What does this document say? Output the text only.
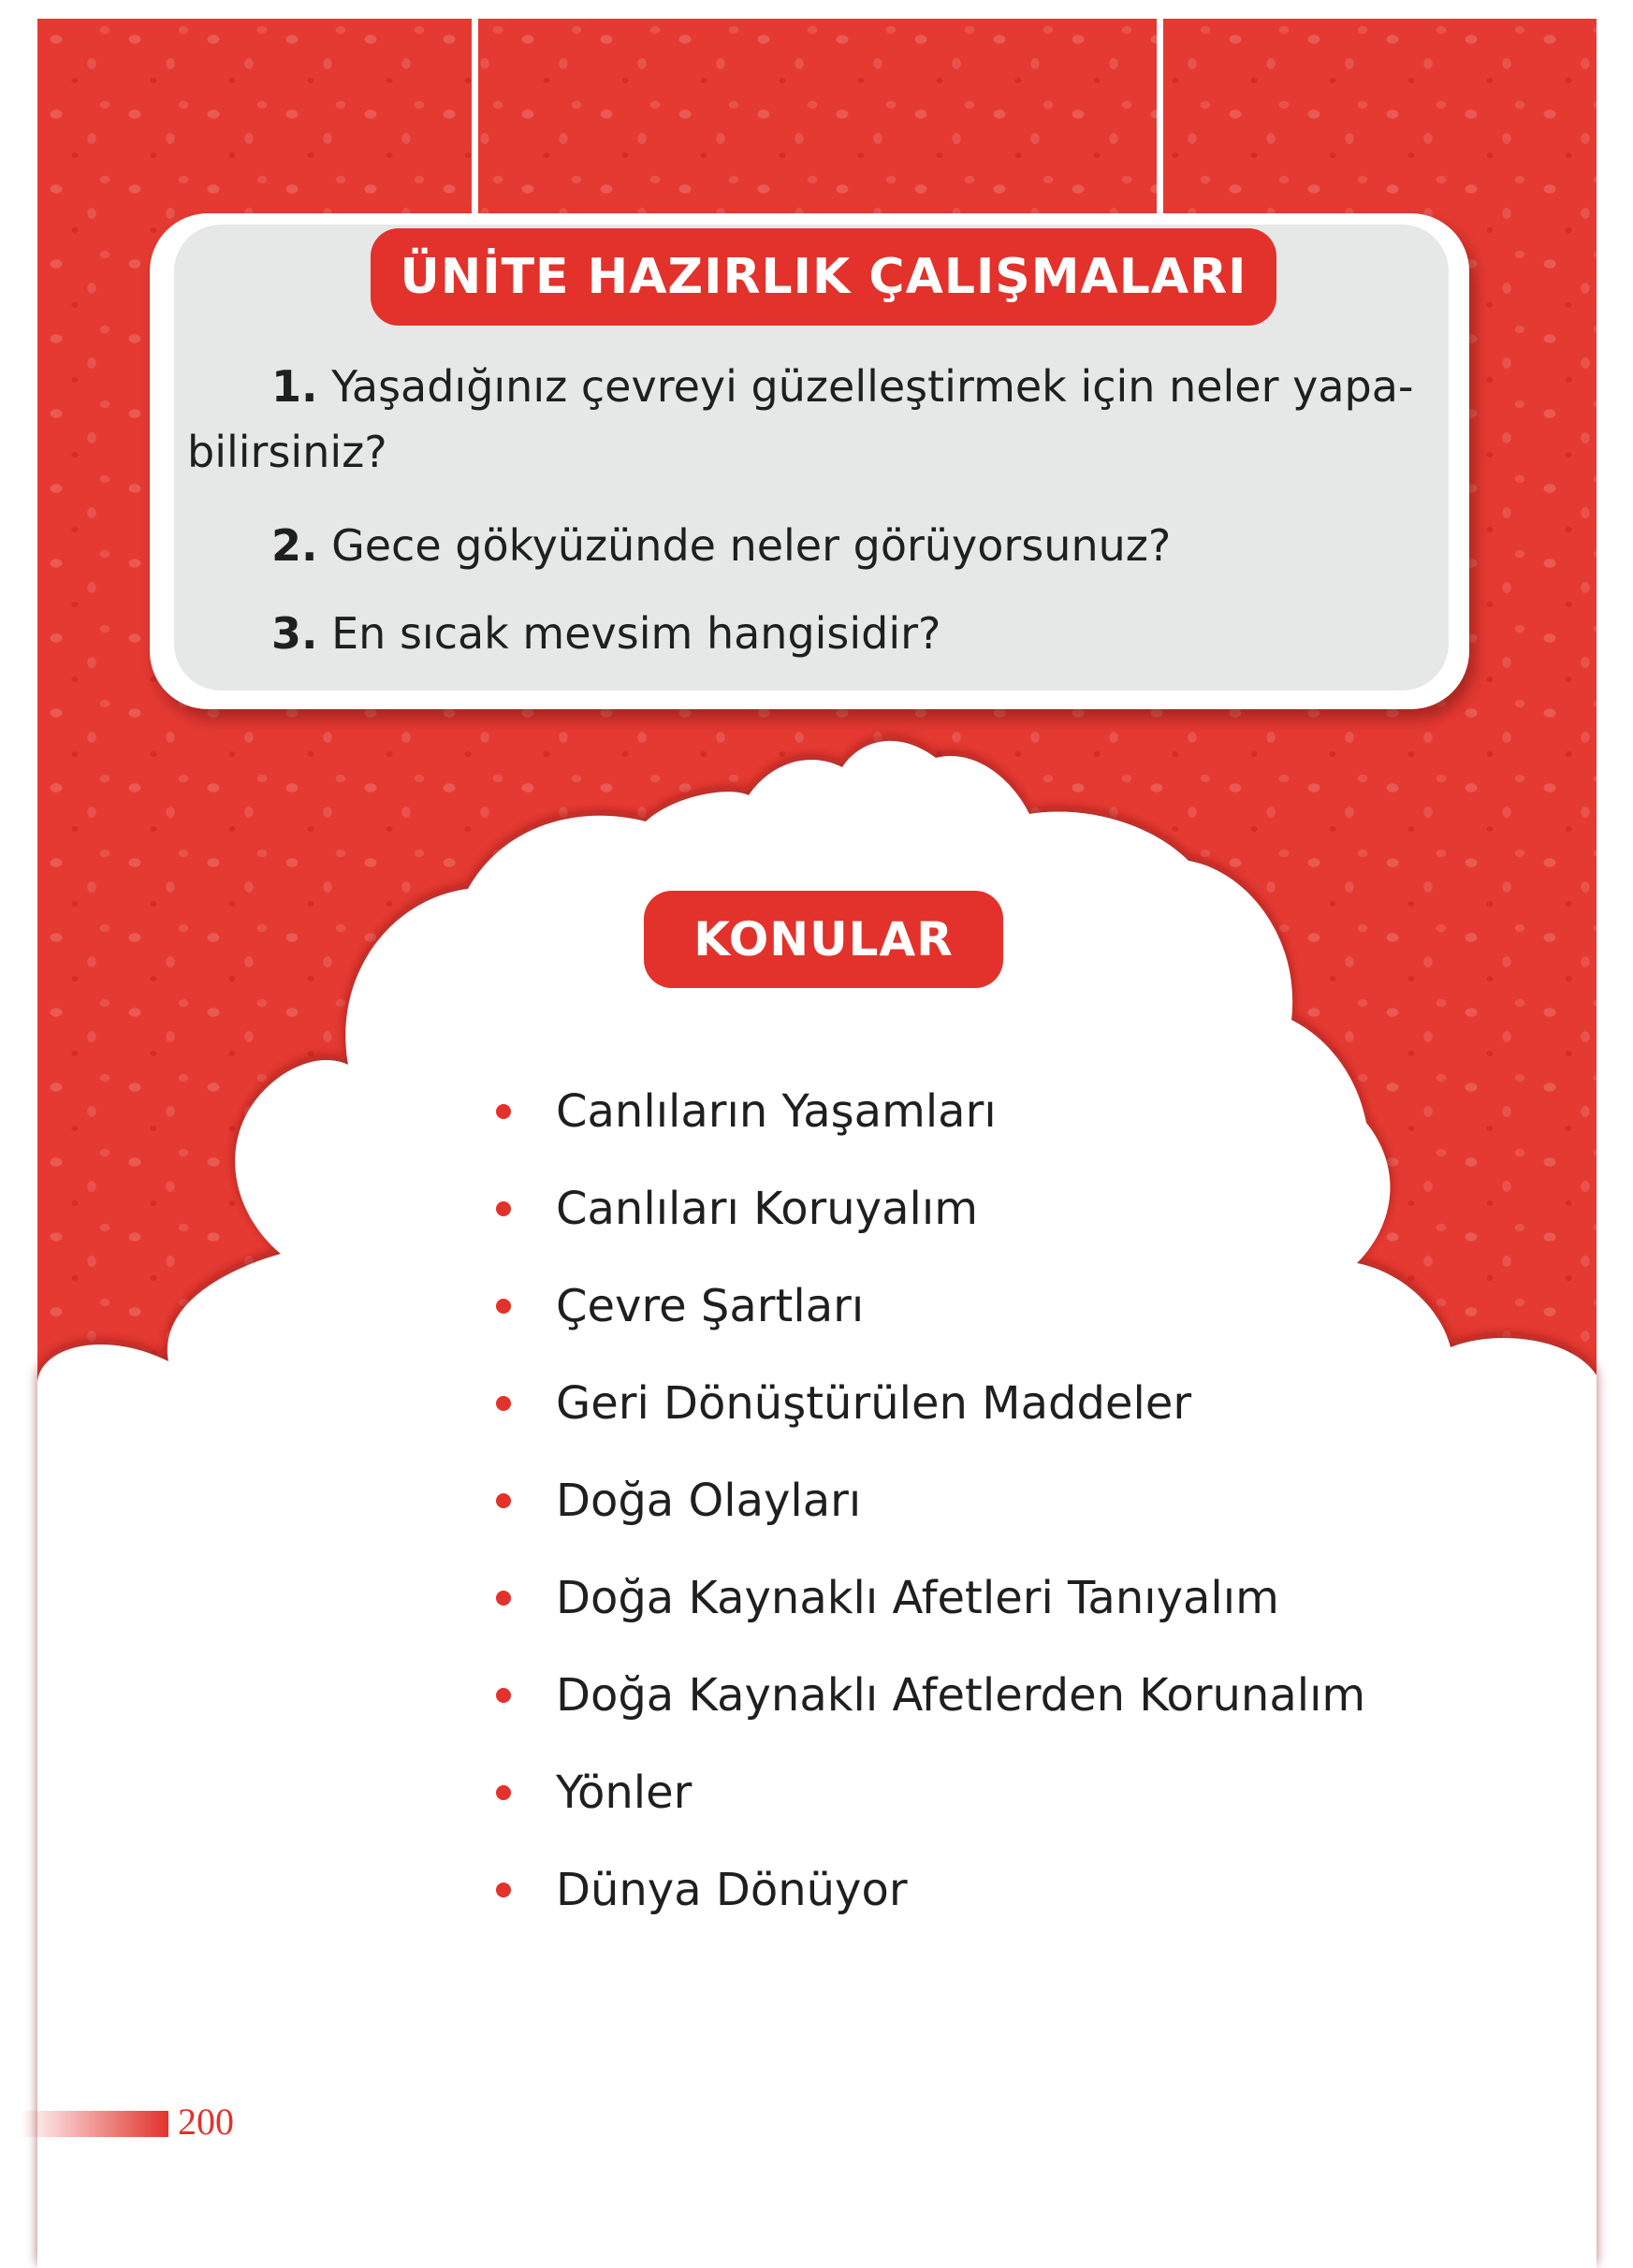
ÜNİTE HAZIRLIK ÇALIŞMALARI
1. Yaşadığınız çevreyi güzelleştirmek için neler yapa-
bilirsiniz?
2. Gece gökyüzünde neler görüyorsunuz?
3. En sıcak mevsim hangisidir?
KONULAR
Canlıların Yaşamları
Canlıları Koruyalım
Çevre Şartları
Geri Dönüştürülen Maddeler
Doğa Olayları
Doğa Kaynaklı Afetleri Tanıyalım
Doğa Kaynaklı Afetlerden Korunalım
Yönler
Dünya Dönüyor
200
